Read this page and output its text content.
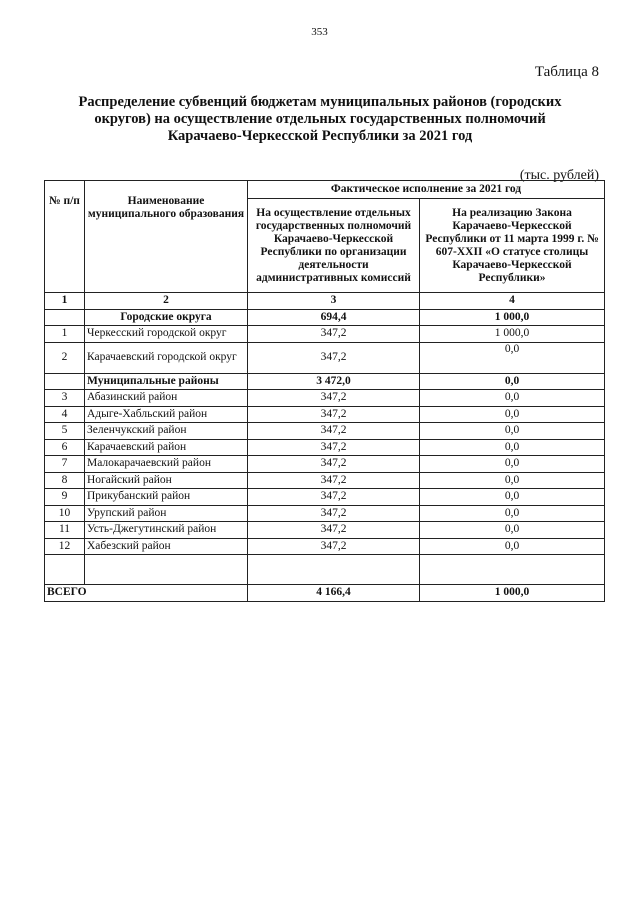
353
Таблица 8
Распределение субвенций бюджетам муниципальных районов (городских округов) на осуществление отдельных государственных полномочий Карачаево-Черкесской Республики за 2021 год
(тыс. рублей)
№ п/п	Наименование муниципального образования	Фактическое исполнение за 2021 год	
		На осуществление отдельных государственных полномочий Карачаево-Черкесской Республики по организации деятельности административных комиссий	На реализацию Закона Карачаево-Черкесской Республики от 11 марта 1999 г. № 607-XXII «О статусе столицы Карачаево-Черкесской Республики»
1	2	3	4
	Городские округа	694,4	1 000,0
1	Черкесский городской округ	347,2	1 000,0
2	Карачаевский городской округ	347,2	0,0
	Муниципальные районы	3 472,0	0,0
3	Абазинский район	347,2	0,0
4	Адыге-Хабльский район	347,2	0,0
5	Зеленчукский район	347,2	0,0
6	Карачаевский район	347,2	0,0
7	Малокарачаевский район	347,2	0,0
8	Ногайский район	347,2	0,0
9	Прикубанский район	347,2	0,0
10	Урупский район	347,2	0,0
11	Усть-Джегутинский район	347,2	0,0
12	Хабезский район	347,2	0,0

ВСЕГО		4 166,4	1 000,0
